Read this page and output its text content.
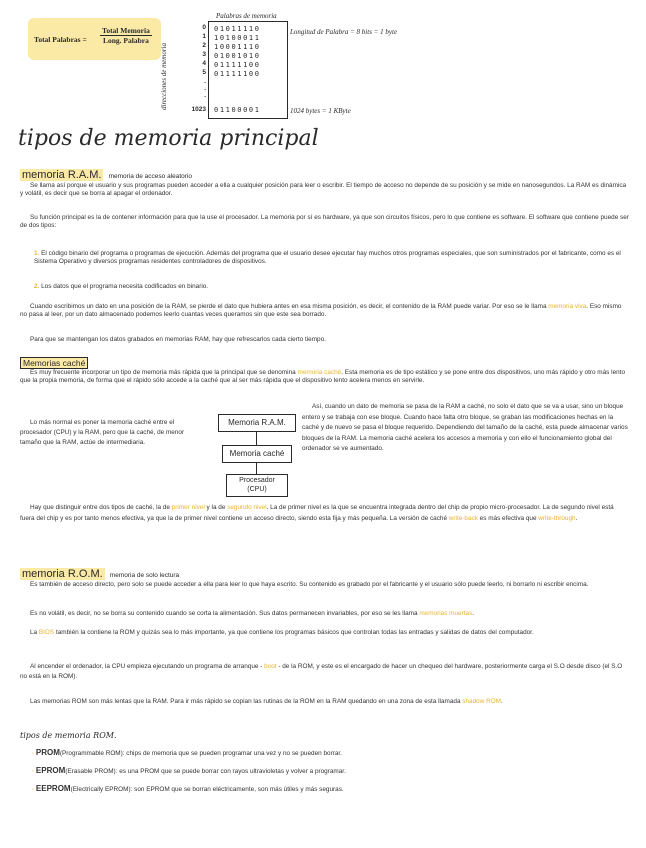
Total Palabras =
Total Memoria
Long. Palabra
Palabras de memoria
direcciones de memoria
01011110
10100011
10001110
01001010
01111100
01111100
01100001
0
1
2
3
4
5
.
.
.
1023
Longitud de Palabra = 8 bits = 1 byte
1024 bytes = 1 KByte
tipos de memoria principal
memoria R.A.M. memoria de acceso aleatorio
Se llama así porque el usuario y sus programas pueden acceder a ella a cualquier posición para leer o escribir. El tiempo de acceso no depende de su posición y se mide en nanosegundos. La RAM es dinámica y volátil, es decir que se borra al apagar el ordenador.
Su función principal es la de contener información para que la use el procesador. La memoria por sí es hardware, ya que son circuitos físicos, pero lo que contiene es software. El software que contiene puede ser de dos tipos:
1. El código binario del programa o programas de ejecución. Además del programa que el usuario desee ejecutar hay muchos otros programas especiales, que son suministrados por el fabricante, como es el Sistema Operativo y diversos programas residentes controladores de dispositivos.
2. Los datos que el programa necesita codificados en binario.
Cuando escribimos un dato en una posición de la RAM, se pierde el dato que hubiera antes en esa misma posición, es decir, el contenido de la RAM puede variar. Por eso se le llama memoria viva. Eso mismo no pasa al leer, por un dato almacenado podemos leerlo cuantas veces queramos sin que este sea borrado.
Para que se mantengan los datos grabados en memorias RAM, hay que refrescarlos cada cierto tiempo.
Memorias caché
Es muy frecuente incorporar un tipo de memoria más rápida que la principal que se denomina memoria caché. Esta memoria es de tipo estático y se pone entre dos dispositivos, uno más rápido y otro más lento que la propia memoria, de forma que el rápido sólo accede a la caché que al ser más rápida que el dispositivo lento acelera menos en servirle.
Lo más normal es poner la memoria caché entre el procesador (CPU) y la RAM, pero que la caché, de menor tamaño que la RAM, actúe de intermediaria.
Memoria R.A.M.
Memoria caché
Procesador
(CPU)
Así, cuando un dato de memoria se pasa de la RAM a caché, no solo el dato que se va a usar, sino un bloque entero y se trabaja con ese bloque. Cuando hace falta otro bloque, se graban las modificaciones hechas en la caché y de nuevo se pasa el bloque requerido. Dependiendo del tamaño de la caché, esta puede almacenar varios bloques de la RAM. La memoria caché acelera los accesos a memoria y con ello el funcionamiento global del ordenador se ve aumentado.
Hay que distinguir entre dos tipos de caché, la de primer nivel y la de segundo nivel. La de primer nivel es la que se encuentra integrada dentro del chip de propio micro-procesador. La de segundo nivel está fuera del chip y es por tanto menos efectiva, ya que la de primer nivel contiene un acceso directo, siendo esta fija y más pequeña. La versión de caché write-back es más efectiva que write-through.
memoria R.O.M. memoria de solo lectura
Es también de acceso directo, pero solo se puede acceder a ella para leer lo que haya escrito. Su contenido es grabado por el fabricante y el usuario sólo puede leerlo, ni borrarlo ni escribir encima.
Es no volátil, es decir, no se borra su contenido cuando se corta la alimentación. Sus datos permanecen invariables, por eso se les llama memorias muertas.
La BIOS también la contiene la ROM y quizás sea lo más importante, ya que contiene los programas básicos que controlan todas las entradas y salidas de datos del computador.
Al encender el ordenador, la CPU empieza ejecutando un programa de arranque - boot - de la ROM, y este es el encargado de hacer un chequeo del hardware, posteriormente carga el S.O desde disco (el S.O no está en la ROM).
Las memorias ROM son más lentas que la RAM. Para ir más rápido se copian las rutinas de la ROM en la RAM quedando en una zona de esta llamada shadow ROM.
tipos de memoria ROM.
· PROM(Programmable ROM): chips de memoria que se pueden programar una vez y no se pueden borrar.
· EPROM(Erasable PROM): es una PROM que se puede borrar con rayos ultravioletas y volver a programar.
· EEPROM(Electrically EPROM): son EPROM que se borran eléctricamente, son más útiles y más seguras.
